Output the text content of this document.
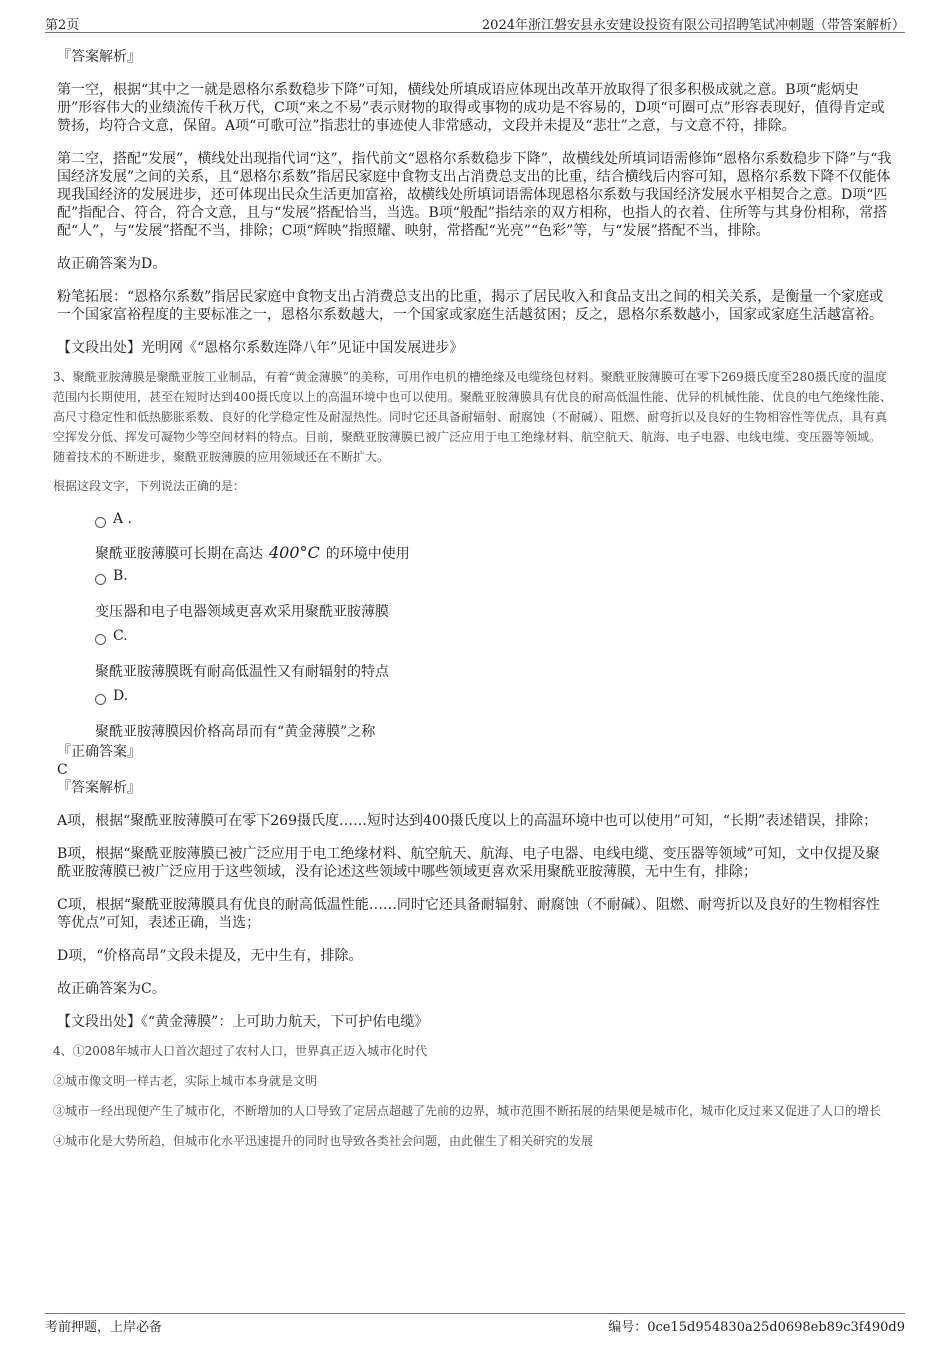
第2页	2024年浙江磐安县永安建设投资有限公司招聘笔试冲刺题（带答案解析）

『答案解析』

第一空，根据“其中之一就是恩格尔系数稳步下降”可知，横线处所填成语应体现出改革开放取得了很多积极成就之意。B项“彪炳史册”形容伟大的业绩流传千秋万代，C项“来之不易”表示财物的取得或事物的成功是不容易的，D项“可圈可点”形容表现好，值得肯定或赞扬，均符合文意，保留。A项“可歌可泣”指悲壮的事迹使人非常感动，文段并未提及“悲壮”之意，与文意不符，排除。

第二空，搭配“发展”，横线处出现指代词“这”，指代前文“恩格尔系数稳步下降”，故横线处所填词语需修饰“恩格尔系数稳步下降”与“我国经济发展”之间的关系，且“恩格尔系数”指居民家庭中食物支出占消费总支出的比重，结合横线后内容可知，恩格尔系数下降不仅能体现我国经济的发展进步，还可体现出民众生活更加富裕，故横线处所填词语需体现恩格尔系数与我国经济发展水平相契合之意。D项“匹配”指配合、符合，符合文意，且与“发展”搭配恰当，当选。B项“般配”指结亲的双方相称，也指人的衣着、住所等与其身份相称，常搭配“人”，与“发展”搭配不当，排除；C项“辉映”指照耀、映射，常搭配“光亮”“色彩”等，与“发展”搭配不当，排除。

故正确答案为D。

粉笔拓展：“恩格尔系数”指居民家庭中食物支出占消费总支出的比重，揭示了居民收入和食品支出之间的相关关系，是衡量一个家庭或一个国家富裕程度的主要标准之一，恩格尔系数越大，一个国家或家庭生活越贫困；反之，恩格尔系数越小，国家或家庭生活越富裕。

【文段出处】光明网《“恩格尔系数连降八年”见证中国发展进步》

3、聚酰亚胺薄膜是聚酰亚胺工业制品，有着“黄金薄膜”的美称，可用作电机的槽绝缘及电缆绕包材料。聚酰亚胺薄膜可在零下269摄氏度至280摄氏度的温度范围内长期使用，甚至在短时达到400摄氏度以上的高温环境中也可以使用。聚酰亚胺薄膜具有优良的耐高低温性能、优异的机械性能、优良的电气绝缘性能、高尺寸稳定性和低热膨胀系数、良好的化学稳定性及耐湿热性。同时它还具备耐辐射、耐腐蚀（不耐碱）、阻燃、耐弯折以及良好的生物相容性等优点，具有真空挥发分低、挥发可凝物少等空间材料的特点。目前，聚酰亚胺薄膜已被广泛应用于电工绝缘材料、航空航天、航海、电子电器、电线电缆、变压器等领域。随着技术的不断进步，聚酰亚胺薄膜的应用领域还在不断扩大。

根据这段文字，下列说法正确的是：

A .

聚酰亚胺薄膜可长期在高达 400°C 的环境中使用

B.

变压器和电子电器领域更喜欢采用聚酰亚胺薄膜

C.

聚酰亚胺薄膜既有耐高低温性又有耐辐射的特点

D.

聚酰亚胺薄膜因价格高昂而有“黄金薄膜”之称

『正确答案』

C

『答案解析』

A项，根据“聚酰亚胺薄膜可在零下269摄氏度……短时达到400摄氏度以上的高温环境中也可以使用”可知，“长期”表述错误，排除；

B项，根据“聚酰亚胺薄膜已被广泛应用于电工绝缘材料、航空航天、航海、电子电器、电线电缆、变压器等领域”可知，文中仅提及聚酰亚胺薄膜已被广泛应用于这些领域，没有论述这些领域中哪些领域更喜欢采用聚酰亚胺薄膜，无中生有，排除；

C项，根据“聚酰亚胺薄膜具有优良的耐高低温性能……同时它还具备耐辐射、耐腐蚀（不耐碱）、阻燃、耐弯折以及良好的生物相容性等优点”可知，表述正确，当选；

D项，“价格高昂”文段未提及，无中生有，排除。

故正确答案为C。

【文段出处】《“黄金薄膜”：上可助力航天，下可护佑电缆》

4、①2008年城市人口首次超过了农村人口，世界真正迈入城市化时代

②城市像文明一样古老，实际上城市本身就是文明

③城市一经出现便产生了城市化，不断增加的人口导致了定居点超越了先前的边界，城市范围不断拓展的结果便是城市化，城市化反过来又促进了人口的增长

④城市化是大势所趋，但城市化水平迅速提升的同时也导致各类社会问题，由此催生了相关研究的发展

考前押题，上岸必备	编号：0ce15d954830a25d0698eb89c3f490d9
